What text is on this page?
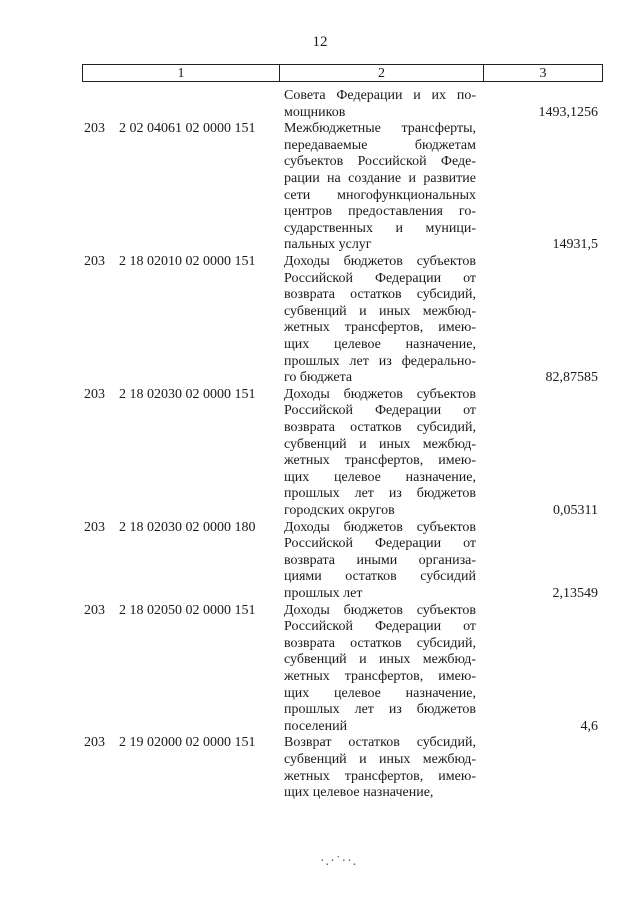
12
1	2	3
Совета Федерации и их по-
мощников	1493,1256
203 2 02 04061 02 0000 151 Межбюджетные трансферты,
передаваемые бюджетам
субъектов Российской Феде-
рации на создание и развитие
сети многофункциональных
центров предоставления го-
сударственных и муници-
пальных услуг	14931,5
203 2 18 02010 02 0000 151 Доходы бюджетов субъектов
Российской Федерации от
возврата остатков субсидий,
субвенций и иных межбюд-
жетных трансфертов, имею-
щих целевое назначение,
прошлых лет из федерально-
го бюджета	82,87585
203 2 18 02030 02 0000 151 Доходы бюджетов субъектов
Российской Федерации от
возврата остатков субсидий,
субвенций и иных межбюд-
жетных трансфертов, имею-
щих целевое назначение,
прошлых лет из бюджетов
городских округов	0,05311
203 2 18 02030 02 0000 180 Доходы бюджетов субъектов
Российской Федерации от
возврата иными организа-
циями остатков субсидий
прошлых лет	2,13549
203 2 18 02050 02 0000 151 Доходы бюджетов субъектов
Российской Федерации от
возврата остатков субсидий,
субвенций и иных межбюд-
жетных трансфертов, имею-
щих целевое назначение,
прошлых лет из бюджетов
поселений	4,6
203 2 19 02000 02 0000 151 Возврат остатков субсидий,
субвенций и иных межбюд-
жетных трансфертов, имею-
щих целевое назначение,
·.·˙··.
